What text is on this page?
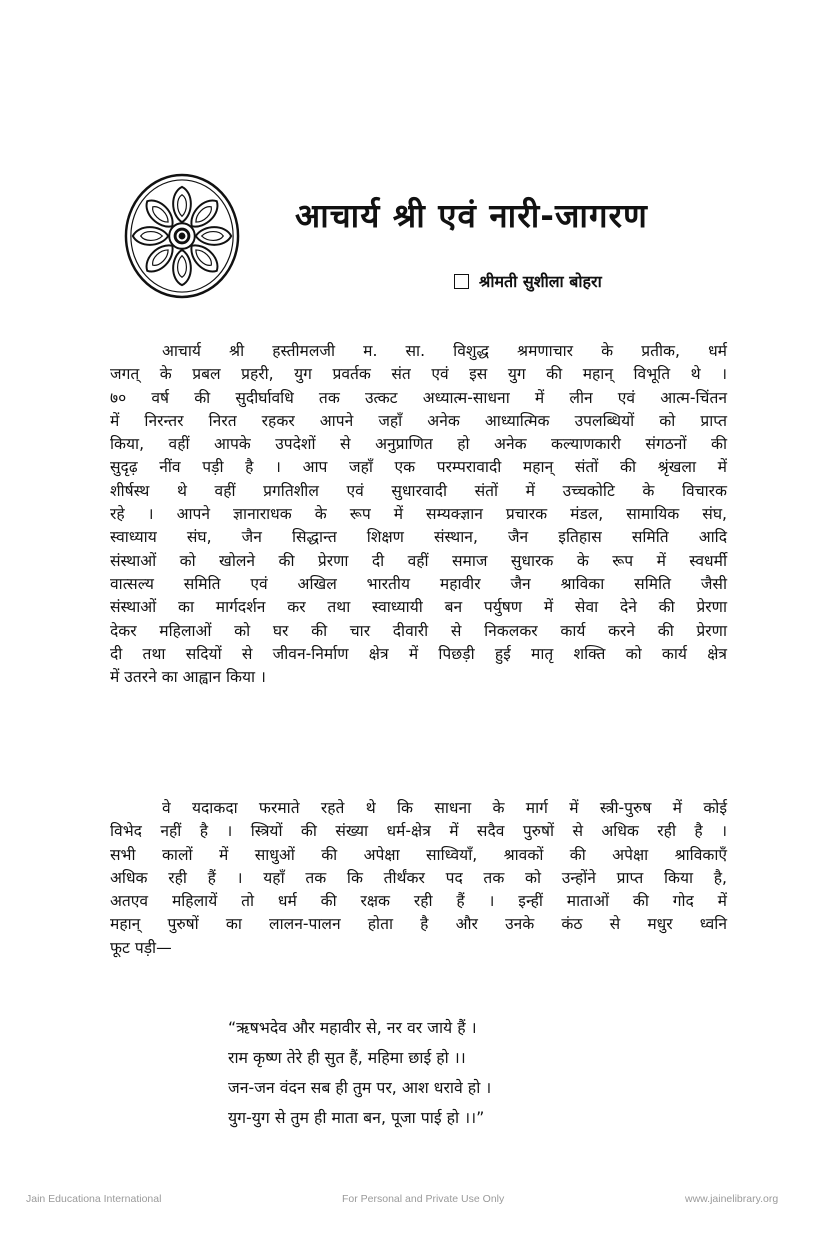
आचार्य श्री एवं नारी-जागरण
श्रीमती सुशीला बोहरा
आचार्य श्री हस्तीमलजी म. सा. विशुद्ध श्रमणाचार के प्रतीक, धर्म
जगत् के प्रबल प्रहरी, युग प्रवर्तक संत एवं इस युग की महान् विभूति थे ।
७० वर्ष की सुदीर्घावधि तक उत्कट अध्यात्म-साधना में लीन एवं आत्म-चिंतन
में निरन्तर निरत रहकर आपने जहाँ अनेक आध्यात्मिक उपलब्धियों को प्राप्त
किया, वहीं आपके उपदेशों से अनुप्राणित हो अनेक कल्याणकारी संगठनों की
सुदृढ़ नींव पड़ी है । आप जहाँ एक परम्परावादी महान् संतों की श्रृंखला में
शीर्षस्थ थे वहीं प्रगतिशील एवं सुधारवादी संतों में उच्चकोटि के विचारक
रहे । आपने ज्ञानाराधक के रूप में सम्यक्ज्ञान प्रचारक मंडल, सामायिक संघ,
स्वाध्याय संघ, जैन सिद्धान्त शिक्षण संस्थान, जैन इतिहास समिति आदि
संस्थाओं को खोलने की प्रेरणा दी वहीं समाज सुधारक के रूप में स्वधर्मी
वात्सल्य समिति एवं अखिल भारतीय महावीर जैन श्राविका समिति जैसी
संस्थाओं का मार्गदर्शन कर तथा स्वाध्यायी बन पर्युषण में सेवा देने की प्रेरणा
देकर महिलाओं को घर की चार दीवारी से निकलकर कार्य करने की प्रेरणा
दी तथा सदियों से जीवन-निर्माण क्षेत्र में पिछड़ी हुई मातृ शक्ति को कार्य क्षेत्र
में उतरने का आह्वान किया ।
वे यदाकदा फरमाते रहते थे कि साधना के मार्ग में स्त्री-पुरुष में कोई
विभेद नहीं है । स्त्रियों की संख्या धर्म-क्षेत्र में सदैव पुरुषों से अधिक रही है ।
सभी कालों में साधुओं की अपेक्षा साध्वियाँ, श्रावकों की अपेक्षा श्राविकाएँ
अधिक रही हैं । यहाँ तक कि तीर्थंकर पद तक को उन्होंने प्राप्त किया है,
अतएव महिलायें तो धर्म की रक्षक रही हैं । इन्हीं माताओं की गोद में
महान् पुरुषों का लालन-पालन होता है और उनके कंठ से मधुर ध्वनि
फूट पड़ी—
“ऋषभदेव और महावीर से, नर वर जाये हैं ।
राम कृष्ण तेरे ही सुत हैं, महिमा छाई हो ।।
जन-जन वंदन सब ही तुम पर, आश धरावे हो ।
युग-युग से तुम ही माता बन, पूजा पाई हो ।।”
Jain Educationa International	For Personal and Private Use Only	www.jainelibrary.org
